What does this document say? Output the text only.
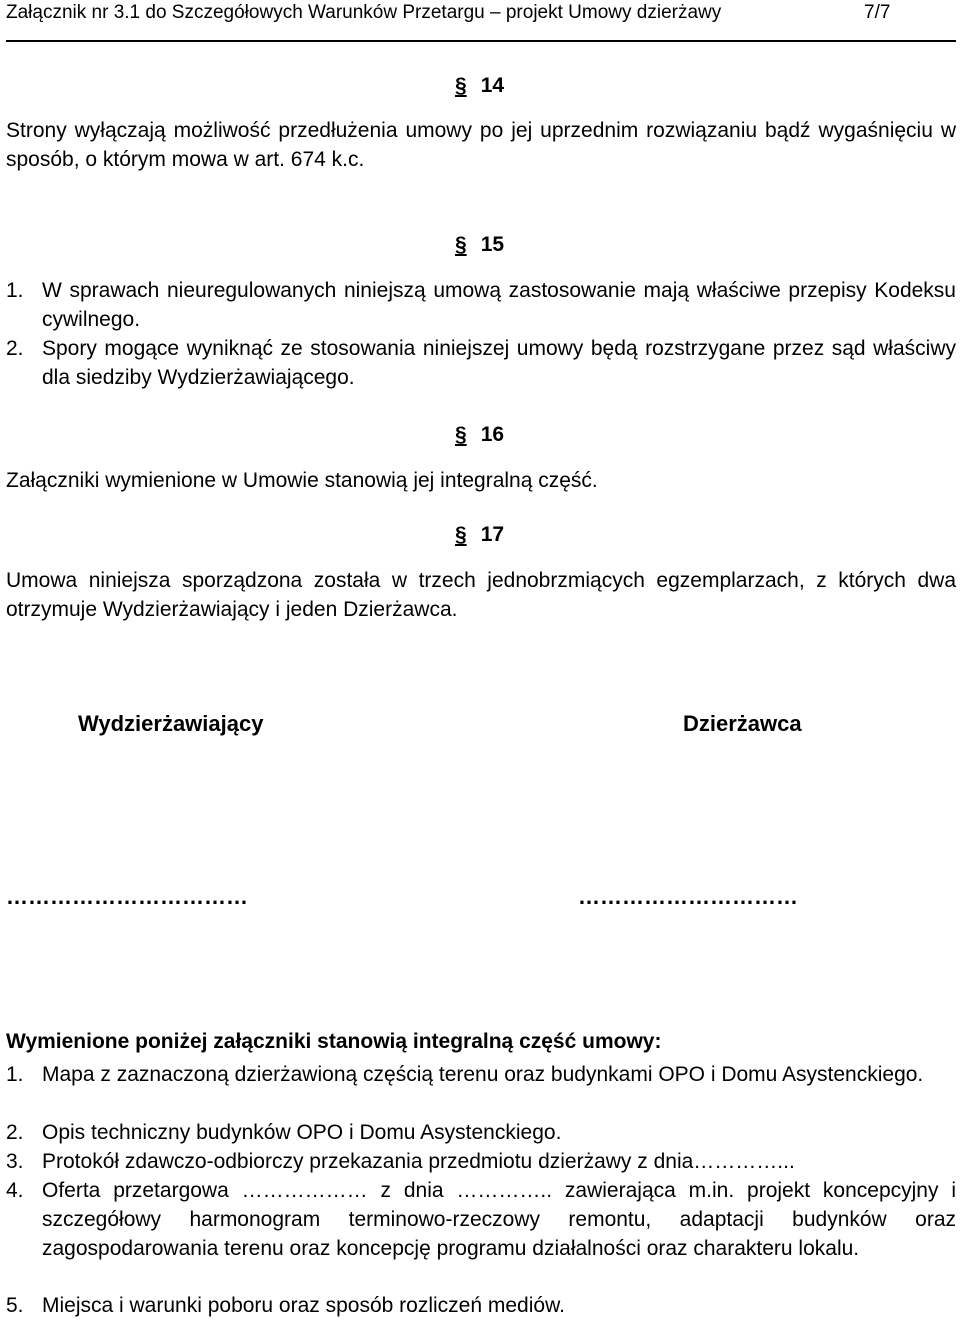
Załącznik nr 3.1 do Szczegółowych Warunków Przetargu – projekt Umowy dzierżawy	7/7
§ 14
Strony wyłączają możliwość przedłużenia umowy po jej uprzednim rozwiązaniu bądź wygaśnięciu w sposób, o którym mowa w art. 674 k.c.
§ 15
1. W sprawach nieuregulowanych niniejszą umową zastosowanie mają właściwe przepisy Kodeksu cywilnego.
2. Spory mogące wyniknąć ze stosowania niniejszej umowy będą rozstrzygane przez sąd właściwy dla siedziby Wydzierżawiającego.
§ 16
Załączniki wymienione w Umowie stanowią jej integralną część.
§ 17
Umowa niniejsza sporządzona została w trzech jednobrzmiących egzemplarzach, z których dwa otrzymuje Wydzierżawiający i jeden Dzierżawca.
Wydzierżawiający	Dzierżawca
……………………………	…………………………
Wymienione poniżej załączniki stanowią integralną część umowy:
1. Mapa z zaznaczoną dzierżawioną częścią terenu oraz budynkami OPO i Domu Asystenckiego.
2. Opis techniczny budynków OPO i Domu Asystenckiego.
3. Protokół zdawczo-odbiorczy przekazania przedmiotu dzierżawy z dnia…………...
4. Oferta przetargowa ……………… z dnia ………….. zawierająca m.in. projekt koncepcyjny i szczegółowy harmonogram terminowo-rzeczowy remontu, adaptacji budynków oraz zagospodarowania terenu oraz koncepcję programu działalności oraz charakteru lokalu.
5. Miejsca i warunki poboru oraz sposób rozliczeń mediów.
